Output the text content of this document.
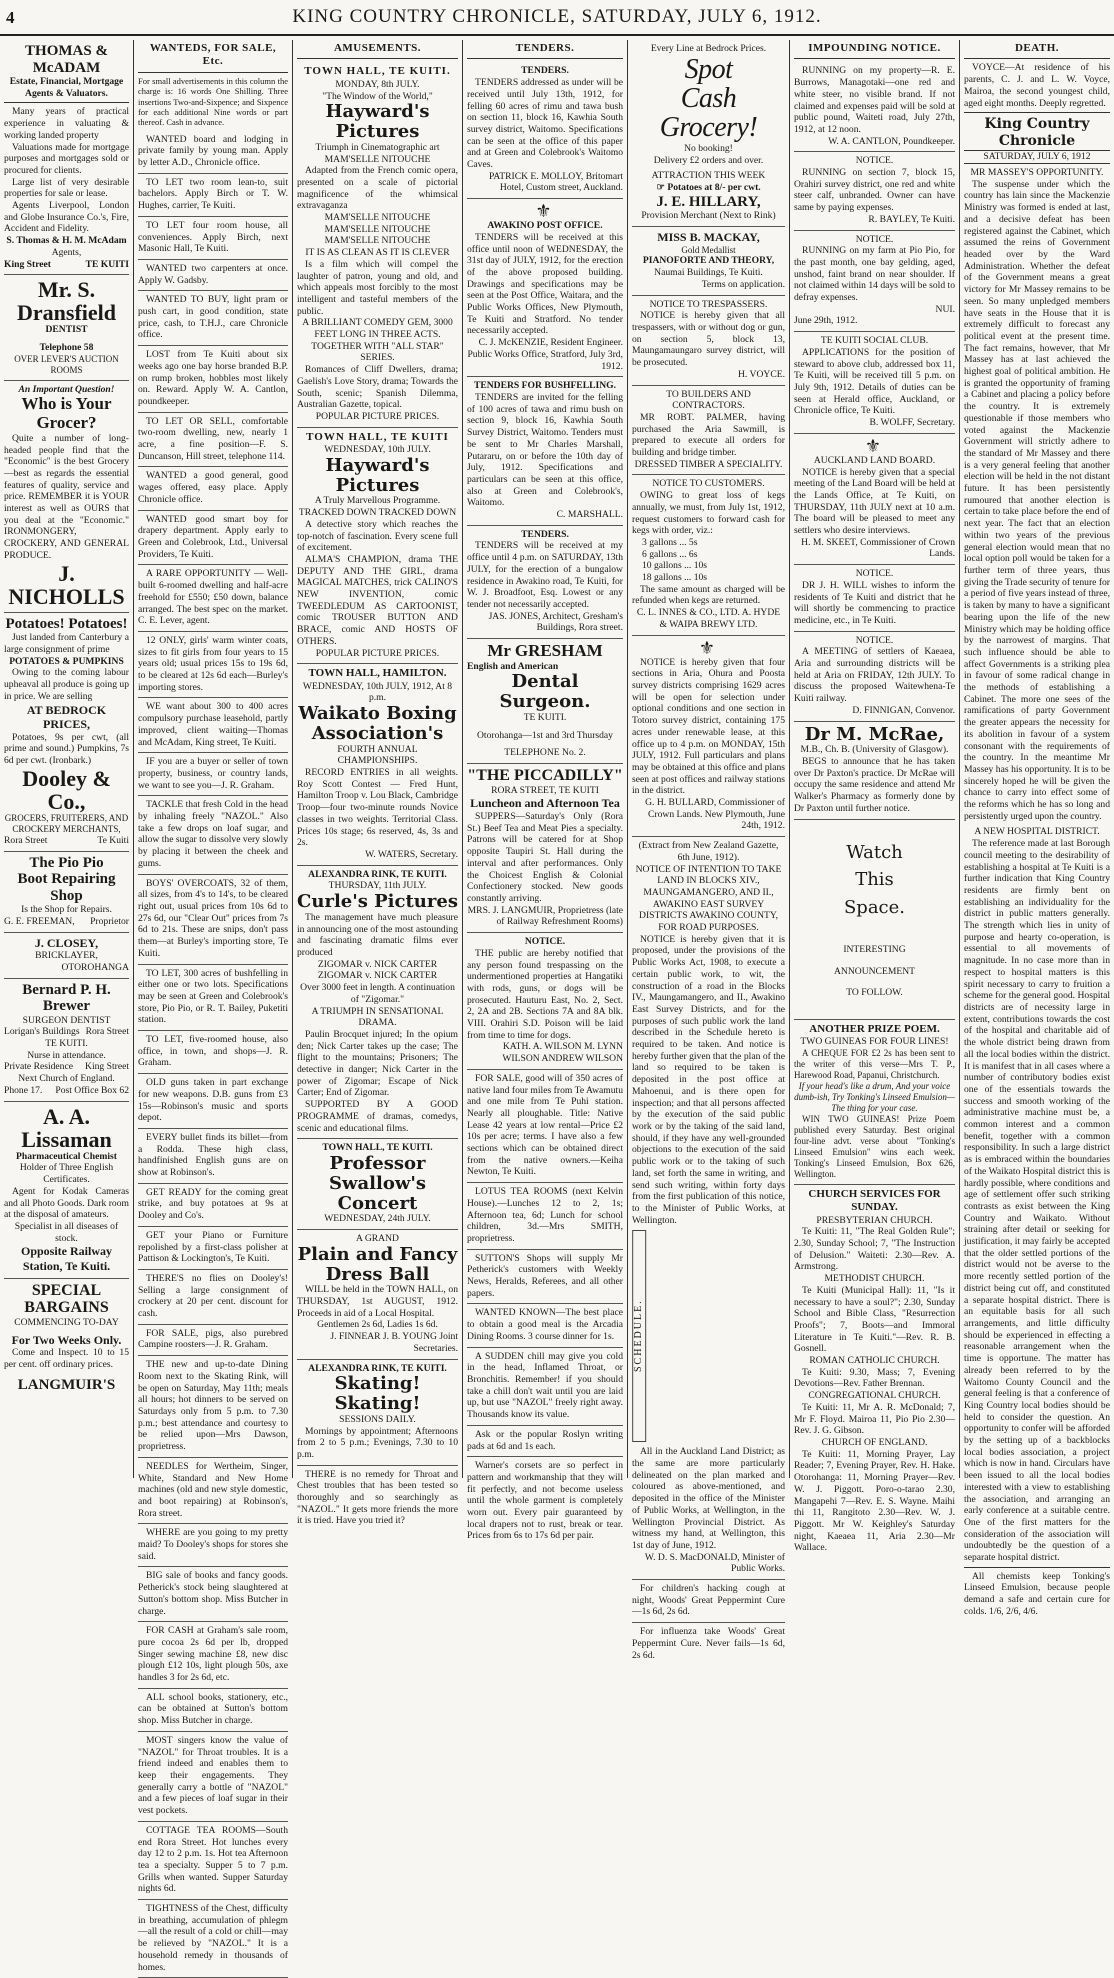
4	KING COUNTRY CHRONICLE, SATURDAY, JULY 6, 1912.
THOMAS & McADAM
Estate, Financial, Mortgage Agents & Valuators.

Many years of practical experience in valuating & working landed property

Valuations made for mortgage purposes and mortgages sold or procured for clients.

Large list of very desirable properties for sale or lease.

Agents Liverpool, London and Globe Insurance Co.'s, Fire, Accident and Fidelity.

S. Thomas & H. M. McAdam
Agents,
King Street	TE KUITI
Mr. S. Dransfield
DENTIST
Telephone 58
OVER LEVER'S AUCTION ROOMS
An Important Question!
Who is Your Grocer?

Quite a number of long-headed people find that the "Economic" is the best Grocery—best as regards the essential features of quality, service and price. REMEMBER it is YOUR interest as well as OURS that you deal at the "Economic." IRONMONGERY, CROCKERY, AND GENERAL PRODUCE.

J. NICHOLLS
Potatoes! Potatoes!

Just landed from Canterbury a large consignment of prime

POTATOES & PUMPKINS

Owing to the coming labour upheaval all produce is going up in price. We are selling

AT BEDROCK PRICES,

Potatoes, 9s per cwt, (all prime and sound.) Pumpkins, 7s 6d per cwt. (Ironbark.)

Dooley & Co.,
GROCERS, FRUITERERS, AND CROCKERY MERCHANTS,
Rora Street	Te Kuiti
The Pio Pio
Boot Repairing Shop
Is the Shop for Repairs.
G. E. FREEMAN, Proprietor
J. CLOSEY,
BRICKLAYER,
OTOROHANGA
Bernard P. H. Brewer
SURGEON DENTIST
Lorigan's Buildings Rora Street
TE KUITI.
Nurse in attendance.
Private Residence King Street
Next Church of England.
Phone 17. Post Office Box 62
A. A. Lissaman
Pharmaceutical Chemist
Holder of Three English Certificates.

Agent for Kodak Cameras and all Photo Goods. Dark room at the disposal of amateurs.

Specialist in all diseases of stock.
Opposite Railway Station, Te Kuiti.
SPECIAL BARGAINS
COMMENCING TO-DAY
For Two Weeks Only.

Come and Inspect. 10 to 15 per cent. off ordinary prices.

LANGMUIR'S
WANTEDS, FOR SALE, Etc.

For small advertisements in this column the charge is: 16 words One Shilling. Three insertions Two-and-Sixpence; and Sixpence for each additional Nine words or part thereof. Cash in advance.

WANTED board and lodging in private family by young man. Apply by letter A.D., Chronicle office.

TO LET two room lean-to, suit bachelors. Apply Birch or T. W. Hughes, carrier, Te Kuiti.

TO LET four room house, all conveniences. Apply Birch, next Masonic Hall, Te Kuiti.

WANTED two carpenters at once. Apply W. Gadsby.

WANTED TO BUY, light pram or push cart, in good condition, state price, cash, to T.H.J., care Chronicle office.

LOST from Te Kuiti about six weeks ago one bay horse branded B.P. on rump broken, hobbles most likely on. Reward. Apply W. A. Cantlon, poundkeeper.

TO LET OR SELL, comfortable two-room dwelling, new, nearly 1 acre, a fine position—F. S. Duncanson, Hill street, telephone 114.

WANTED a good general, good wages offered, easy place. Apply Chronicle office.

WANTED good smart boy for drapery department. Apply early to Green and Colebrook, Ltd., Universal Providers, Te Kuiti.

A RARE OPPORTUNITY — Well-built 6-roomed dwelling and half-acre freehold for £550; £50 down, balance arranged. The best spec on the market. C. E. Lever, agent.

12 ONLY, girls' warm winter coats, sizes to fit girls from four years to 15 years old; usual prices 15s to 19s 6d, to be cleared at 12s 6d each—Burley's importing stores.

WE want about 300 to 400 acres compulsory purchase leasehold, partly improved, client waiting—Thomas and McAdam, King street, Te Kuiti.

IF you are a buyer or seller of town property, business, or country lands, we want to see you—J. R. Graham.

TACKLE that fresh Cold in the head by inhaling freely "NAZOL." Also take a few drops on loaf sugar, and allow the sugar to dissolve very slowly by placing it between the cheek and gums.

BOYS' OVERCOATS, 32 of them, all sizes, from 4's to 14's, to be cleared right out, usual prices from 10s 6d to 27s 6d, our "Clear Out" prices from 7s 6d to 21s. These are snips, don't pass them—at Burley's importing store, Te Kuiti.

TO LET, 300 acres of bushfelling in either one or two lots. Specifications may be seen at Green and Colebrook's store, Pio Pio, or R. T. Bailey, Puketiti station.

TO LET, five-roomed house, also office, in town, and shops—J. R. Graham.

OLD guns taken in part exchange for new weapons. D.B. guns from £3 15s—Robinson's music and sports depot.

EVERY bullet finds its billet—from a Rodda. These high class, handfinished English guns are on show at Robinson's.

GET READY for the coming great strike, and buy potatoes at 9s at Dooley and Co's.

GET your Piano or Furniture repolished by a first-class polisher at Pattison & Lockington's, Te Kuiti.

THERE'S no flies on Dooley's! Selling a large consignment of crockery at 20 per cent. discount for cash.

FOR SALE, pigs, also purebred Campine roosters—J. R. Graham.

THE new and up-to-date Dining Room next to the Skating Rink, will be open on Saturday, May 11th; meals all hours; hot dinners to be served on Saturdays only from 5 p.m. to 7.30 p.m.; best attendance and courtesy to be relied upon—Mrs Dawson, proprietress.

NEEDLES for Wertheim, Singer, White, Standard and New Home machines (old and new style domestic, and boot repairing) at Robinson's, Rora street.

WHERE are you going to my pretty maid? To Dooley's shops for stores she said.

BIG sale of books and fancy goods. Petherick's stock being slaughtered at Sutton's bottom shop. Miss Butcher in charge.

FOR CASH at Graham's sale room, pure cocoa 2s 6d per lb, dropped Singer sewing machine £8, new disc plough £12 10s, light plough 50s, axe handles 3 for 2s 6d, etc.

ALL school books, stationery, etc., can be obtained at Sutton's bottom shop. Miss Butcher in charge.

MOST singers know the value of "NAZOL" for Throat troubles. It is a friend indeed and enables them to keep their engagements. They generally carry a bottle of "NAZOL" and a few pieces of loaf sugar in their vest pockets.

COTTAGE TEA ROOMS—South end Rora Street. Hot lunches every day 12 to 2 p.m. 1s. Hot tea Afternoon tea a specialty. Supper 5 to 7 p.m. Grills when wanted. Supper Saturday nights 6d.

TIGHTNESS of the Chest, difficulty in breathing, accumulation of phlegm—all the result of a cold or chill—may be relieved by "NAZOL." It is a household remedy in thousands of homes.

AMUSEMENTS.
TOWN HALL, TE KUITI.
MONDAY, 8th JULY.
"The Window of the World,"
Hayward's Pictures
Triumph in Cinematographic art MAM'SELLE NITOUCHE

Adapted from the French comic opera, presented on a scale of pictorial magnificence of the whimsical extravaganza

MAM'SELLE NITOUCHE MAM'SELLE NITOUCHE MAM'SELLE NITOUCHE
IT IS AS CLEAN AS IT IS CLEVER

Is a film which will compel the laughter of patron, young and old, and which appeals most forcibly to the most intelligent and tasteful members of the public.

A BRILLIANT COMEDY GEM, 3000 FEET LONG IN THREE ACTS.
TOGETHER WITH "ALL STAR" SERIES.

Romances of Cliff Dwellers, drama; Gaelish's Love Story, drama; Towards the South, scenic; Spanish Dilemma, Australian Gazette, topical.

POPULAR PICTURE PRICES.
TOWN HALL, TE KUITI
WEDNESDAY, 10th JULY.
Hayward's Pictures
A Truly Marvellous Programme. TRACKED DOWN TRACKED DOWN

A detective story which reaches the top-notch of fascination. Every scene full of excitement.

ALMA'S CHAMPION, drama THE DEPUTY AND THE GIRL, drama MAGICAL MATCHES, trick CALINO'S NEW INVENTION, comic TWEEDLEDUM AS CARTOONIST, comic TROUSER BUTTON AND BRACE, comic AND HOSTS OF OTHERS.

POPULAR PICTURE PRICES.
TOWN HALL, HAMILTON.
WEDNESDAY, 10th JULY, 1912, At 8 p.m.
Waikato Boxing Association's
FOURTH ANNUAL CHAMPIONSHIPS.

RECORD ENTRIES in all weights. Roy Scott Contest — Fred Hunt, Hamilton Troop v. Lou Black, Cambridge Troop—four two-minute rounds Novice classes in two weights. Territorial Class. Prices 10s stage; 6s reserved, 4s, 3s and 2s.

W. WATERS, Secretary.
ALEXANDRA RINK, TE KUITI.
THURSDAY, 11th JULY.
Curle's Pictures

The management have much pleasure in announcing one of the most astounding and fascinating dramatic films ever produced

ZIGOMAR v. NICK CARTER ZIGOMAR v. NICK CARTER
Over 3000 feet in length. A continuation of "Zigomar."
A TRIUMPH IN SENSATIONAL DRAMA.

Paulin Brocquet injured; In the opium den; Nick Carter takes up the case; The flight to the mountains; Prisoners; The detective in danger; Nick Carter in the power of Zigomar; Escape of Nick Carter; End of Zigomar.

SUPPORTED BY A GOOD PROGRAMME of dramas, comedys, scenic and educational films.

TOWN HALL, TE KUITI.
Professor Swallow's Concert
WEDNESDAY, 24th JULY.
A GRAND
Plain and Fancy Dress Ball

WILL be held in the TOWN HALL, on THURSDAY, 1st AUGUST, 1912. Proceeds in aid of a Local Hospital.

Gentlemen 2s 6d, Ladies 1s 6d.
J. FINNEAR J. B. YOUNG Joint Secretaries.
ALEXANDRA RINK, TE KUITI.
Skating! Skating!
SESSIONS DAILY.

Mornings by appointment; Afternoons from 2 to 5 p.m.; Evenings, 7.30 to 10 p.m.

THERE is no remedy for Throat and Chest troubles that has been tested so thoroughly and so searchingly as "NAZOL." It gets more friends the more it is tried. Have you tried it?

TENDERS.
TENDERS.

TENDERS addressed as under will be received until July 13th, 1912, for felling 60 acres of rimu and tawa bush on section 11, block 16, Kawhia South survey district, Waitomo. Specifications can be seen at the office of this paper and at Green and Colebrook's Waitomo Caves.

PATRICK E. MOLLOY, Britomart Hotel, Custom street, Auckland.
⚜
AWAKINO POST OFFICE.

TENDERS will be received at this office until noon of WEDNESDAY, the 31st day of JULY, 1912, for the erection of the above proposed building. Drawings and specifications may be seen at the Post Office, Waitara, and the Public Works Offices, New Plymouth, Te Kuiti and Stratford. No tender necessarily accepted.

C. J. McKENZIE, Resident Engineer. Public Works Office, Stratford, July 3rd, 1912.
TENDERS FOR BUSHFELLING.

TENDERS are invited for the felling of 100 acres of tawa and rimu bush on section 9, block 16, Kawhia South Survey District, Waitomo. Tenders must be sent to Mr Charles Marshall, Putararu, on or before the 10th day of July, 1912. Specifications and particulars can be seen at this office, also at Green and Colebrook's, Waitomo.

C. MARSHALL.
TENDERS.

TENDERS will be received at my office until 4 p.m. on SATURDAY, 13th JULY, for the erection of a bungalow residence in Awakino road, Te Kuiti, for W. J. Broadfoot, Esq. Lowest or any tender not necessarily accepted.

JAS. JONES, Architect, Gresham's Buildings, Rora street.
Mr GRESHAM
English and American
Dental Surgeon.
TE KUITI.
Otorohanga—1st and 3rd Thursday
TELEPHONE No. 2.
"THE PICCADILLY"
RORA STREET, TE KUITI
Luncheon and Afternoon Tea

SUPPERS—Saturday's Only (Rora St.) Beef Tea and Meat Pies a specialty. Patrons will be catered for at Shop opposite Taupiri St. Hall during the interval and after performances. Only the Choicest English & Colonial Confectionery stocked. New goods constantly arriving.

MRS. J. LANGMUIR, Proprietress (late of Railway Refreshment Rooms)
NOTICE.

THE public are hereby notified that any person found trespassing on the undermentioned properties at Hangatiki with rods, guns, or dogs will be prosecuted. Hauturu East, No. 2, Sect. 2, 2A and 2B. Sections 7A and 8A blk. VIII. Orahiri S.D. Poison will be laid from time to time for dogs.

KATH. A. WILSON M. LYNN WILSON ANDREW WILSON

FOR SALE, good will of 350 acres of native land four miles from Te Awamutu and one mile from Te Puhi station. Nearly all ploughable. Title: Native Lease 42 years at low rental—Price £2 10s per acre; terms. I have also a few sections which can be obtained direct from the native owners.—Keiha Newton, Te Kuiti.

LOTUS TEA ROOMS (next Kelvin House).—Lunches 12 to 2, 1s; Afternoon tea, 6d; Lunch for school children, 3d.—Mrs SMITH, proprietress.

SUTTON'S Shops will supply Mr Petherick's customers with Weekly News, Heralds, Referees, and all other papers.

WANTED KNOWN—The best place to obtain a good meal is the Arcadia Dining Rooms. 3 course dinner for 1s.

A SUDDEN chill may give you cold in the head, Inflamed Throat, or Bronchitis. Remember! if you should take a chill don't wait until you are laid up, but use "NAZOL" freely right away. Thousands know its value.

Ask or the popular Roslyn writing pads at 6d and 1s each.

Warner's corsets are so perfect in pattern and workmanship that they will fit perfectly, and not become useless until the whole garment is completely worn out. Every pair guaranteed by local drapers not to rust, break or tear. Prices from 6s to 17s 6d per pair.

Every Line at Bedrock Prices.
Spot
Cash
Grocery!
No booking!
Delivery £2 orders and over.
ATTRACTION THIS WEEK
☞ Potatoes at 8/- per cwt.
J. E. HILLARY,
Provision Merchant (Next to Rink)
MISS B. MACKAY,
Gold Medallist
PIANOFORTE AND THEORY,
Naumai Buildings, Te Kuiti.
Terms on application.
NOTICE TO TRESPASSERS.

NOTICE is hereby given that all trespassers, with or without dog or gun, on section 5, block 13, Maungamaungaro survey district, will be prosecuted.

H. VOYCE.
TO BUILDERS AND CONTRACTORS.

MR ROBT. PALMER, having purchased the Aria Sawmill, is prepared to execute all orders for building and bridge timber.

DRESSED TIMBER A SPECIALITY.
NOTICE TO CUSTOMERS.

OWING to great loss of kegs annually, we must, from July 1st, 1912, request customers to forward cash for kegs with order, viz.:

3 gallons ... 5s
6 gallons ... 6s
10 gallons ... 10s
18 gallons ... 10s

The same amount as charged will be refunded when kegs are returned.

C. L. INNES & CO., LTD. A. HYDE & WAIPA BREWY LTD.
⚜

NOTICE is hereby given that four sections in Aria, Ohura and Poosta survey districts comprising 1629 acres will be open for selection under optional conditions and one section in Totoro survey district, containing 175 acres under renewable lease, at this office up to 4 p.m. on MONDAY, 15th JULY, 1912. Full particulars and plans may be obtained at this office and plans seen at post offices and railway stations in the district.

G. H. BULLARD, Commissioner of Crown Lands. New Plymouth, June 24th, 1912.
(Extract from New Zealand Gazette, 6th June, 1912).
NOTICE OF INTENTION TO TAKE LAND IN BLOCKS XIV., MAUNGAMANGERO, AND II., AWAKINO EAST SURVEY DISTRICTS AWAKINO COUNTY, FOR ROAD PURPOSES.

NOTICE is hereby given that it is proposed, under the provisions of the Public Works Act, 1908, to execute a certain public work, to wit, the construction of a road in the Blocks IV., Maungamangero, and II., Awakino East Survey Districts, and for the purposes of such public work the land described in the Schedule hereto is required to be taken. And notice is hereby further given that the plan of the land so required to be taken is deposited in the post office at Mahoenui, and is there open for inspection; and that all persons affected by the execution of the said public work or by the taking of the said land, should, if they have any well-grounded objections to the execution of the said public work or to the taking of such land, set forth the same in writing, and send such writing, within forty days from the first publication of this notice, to the Minister of Public Works, at Wellington.

SCHEDULE.

All in the Auckland Land District; as the same are more particularly delineated on the plan marked and coloured as above-mentioned, and deposited in the office of the Minister of Public Works, at Wellington, in the Wellington Provincial District. As witness my hand, at Wellington, this 1st day of June, 1912.

W. D. S. MacDONALD, Minister of Public Works.

For children's hacking cough at night, Woods' Great Peppermint Cure—1s 6d, 2s 6d.

For influenza take Woods' Great Peppermint Cure. Never fails—1s 6d, 2s 6d.

IMPOUNDING NOTICE.

RUNNING on my property—R. E. Burrows, Managotaki—one red and white steer, no visible brand. If not claimed and expenses paid will be sold at public pound, Waiteti road, July 27th, 1912, at 12 noon.

W. A. CANTLON, Poundkeeper.
NOTICE.

RUNNING on section 7, block 15, Orahiri survey district, one red and white steer calf, unbranded. Owner can have same by paying expenses.

R. BAYLEY, Te Kuiti.
NOTICE.

RUNNING on my farm at Pio Pio, for the past month, one bay gelding, aged, unshod, faint brand on near shoulder. If not claimed within 14 days will be sold to defray expenses.

NUI.
June 29th, 1912.
TE KUITI SOCIAL CLUB.

APPLICATIONS for the position of steward to above club, addressed box 11, Te Kuiti, will be received till 5 p.m. on July 9th, 1912. Details of duties can be seen at Herald office, Auckland, or Chronicle office, Te Kuiti.

B. WOLFF, Secretary.
⚜
AUCKLAND LAND BOARD.

NOTICE is hereby given that a special meeting of the Land Board will be held at the Lands Office, at Te Kuiti, on THURSDAY, 11th JULY next at 10 a.m. The board will be pleased to meet any settlers who desire interviews.

H. M. SKEET, Commissioner of Crown Lands.
NOTICE.

DR J. H. WILL wishes to inform the residents of Te Kuiti and district that he will shortly be commencing to practice medicine, etc., in Te Kuiti.

NOTICE.

A MEETING of settlers of Kaeaea, Aria and surrounding districts will be held at Aria on FRIDAY, 12th JULY. To discuss the proposed Waitewhena-Te Kuiti railway.

D. FINNIGAN, Convenor.
Dr M. McRae,
M.B., Ch. B. (University of Glasgow).

BEGS to announce that he has taken over Dr Paxton's practice. Dr McRae will occupy the same residence and attend Mr Walker's Pharmacy as formerly done by Dr Paxton until further notice.

Watch
This
Space.
INTERESTING
ANNOUNCEMENT
TO FOLLOW.
ANOTHER PRIZE POEM.
TWO GUINEAS FOR FOUR LINES!

A CHEQUE FOR £2 2s has been sent to the writer of this verse—Mrs T. P., Harewood Road, Papanui, Christchurch.

If your head's like a drum, And your voice dumb-ish, Try Tonking's Linseed Emulsion—The thing for your case.

WIN TWO GUINEAS! Prize Poem published every Saturday. Best original four-line advt. verse about "Tonking's Linseed Emulsion" wins each week. Tonking's Linseed Emulsion, Box 626, Wellington.

CHURCH SERVICES FOR SUNDAY.
PRESBYTERIAN CHURCH.

Te Kuiti: 11, "The Real Golden Rule"; 2.30, Sunday School; 7, "The Instruction of Delusion." Waiteti: 2.30—Rev. A. Armstrong.

METHODIST CHURCH.

Te Kuiti (Municipal Hall): 11, "Is it necessary to have a soul?"; 2.30, Sunday School and Bible Class, "Resurrection Proofs"; 7, Boots—and Immoral Literature in Te Kuiti."—Rev. R. B. Gosnell.

ROMAN CATHOLIC CHURCH.

Te Kuiti: 9.30, Mass; 7, Evening Devotions—Rev. Father Brennan.

CONGREGATIONAL CHURCH.

Te Kuiti: 11, Mr A. R. McDonald; 7, Mr F. Floyd. Mairoa 11, Pio Pio 2.30—Rev. J. G. Gibson.

CHURCH OF ENGLAND.

Te Kuiti: 11, Morning Prayer, Lay Reader; 7, Evening Prayer, Rev. H. Hake. Otorohanga: 11, Morning Prayer—Rev. W. J. Piggott. Poro-o-tarao 2.30, Mangapehi 7—Rev. E. S. Wayne. Maihi thi 11, Rangitoto 2.30—Rev. W. J. Piggott. Mr W. Keighley's Saturday night, Kaeaea 11, Aria 2.30—Mr Wallace.

DEATH.

VOYCE—At residence of his parents, C. J. and L. W. Voyce, Mairoa, the second youngest child, aged eight months. Deeply regretted.

King Country Chronicle
SATURDAY, JULY 6, 1912
MR MASSEY'S OPPORTUNITY.

The suspense under which the country has lain since the Mackenzie Ministry was formed is ended at last, and a decisive defeat has been registered against the Cabinet, which assumed the reins of Government headed over by the Ward Administration. Whether the defeat of the Government means a great victory for Mr Massey remains to be seen. So many unpledged members have seats in the House that it is extremely difficult to forecast any political event at the present time. The fact remains, however, that Mr Massey has at last achieved the highest goal of political ambition. He is granted the opportunity of framing a Cabinet and placing a policy before the country. It is extremely questionable if those members who voted against the Mackenzie Government will strictly adhere to the standard of Mr Massey and there is a very general feeling that another election will be held in the not distant future. It has been persistently rumoured that another election is certain to take place before the end of next year. The fact that an election within two years of the previous general election would mean that no local option poll would be taken for a further term of three years, thus giving the Trade security of tenure for a period of five years instead of three, is taken by many to have a significant bearing upon the life of the new Ministry which may be holding office by the narrowest of margins. That such influence should be able to affect Governments is a striking plea in favour of some radical change in the methods of establishing a Cabinet. The more one sees of the ramifications of party Government the greater appears the necessity for its abolition in favour of a system consonant with the requirements of the country. In the meantime Mr Massey has his opportunity. It is to be sincerely hoped he will be given the chance to carry into effect some of the reforms which he has so long and persistently urged upon the country.

A NEW HOSPITAL DISTRICT.

The reference made at last Borough council meeting to the desirability of establishing a hospital at Te Kuiti is a further indication that King Country residents are firmly bent on establishing an individuality for the district in public matters generally. The strength which lies in unity of purpose and hearty co-operation, is essential to all movements of magnitude. In no case more than in respect to hospital matters is this spirit necessary to carry to fruition a scheme for the general good. Hospital districts are of necessity large in extent, contributions towards the cost of the hospital and charitable aid of the whole district being drawn from all the local bodies within the district. It is manifest that in all cases where a number of contributory bodies exist one of the essentials towards the success and smooth working of the administrative machine must be, a common interest and a common benefit, together with a common responsibility. In such a large district as is embraced within the boundaries of the Waikato Hospital district this is hardly possible, where conditions and age of settlement offer such striking contrasts as exist between the King Country and Waikato. Without straining after detail or seeking for justification, it may fairly be accepted that the older settled portions of the district would not be averse to the more recently settled portion of the district being cut off, and constituted a separate hospital district. There is an equitable basis for all such arrangements, and little difficulty should be experienced in effecting a reasonable arrangement when the time is opportune. The matter has already been referred to by the Waitomo County Council and the general feeling is that a conference of King Country local bodies should be held to consider the question. An opportunity to confer will be afforded by the setting up of a backblocks local bodies association, a project which is now in hand. Circulars have been issued to all the local bodies interested with a view to establishing the association, and arranging an early conference at a suitable centre. One of the first matters for the consideration of the association will undoubtedly be the question of a separate hospital district.

All chemists keep Tonking's Linseed Emulsion, because people demand a safe and certain cure for colds. 1/6, 2/6, 4/6.
